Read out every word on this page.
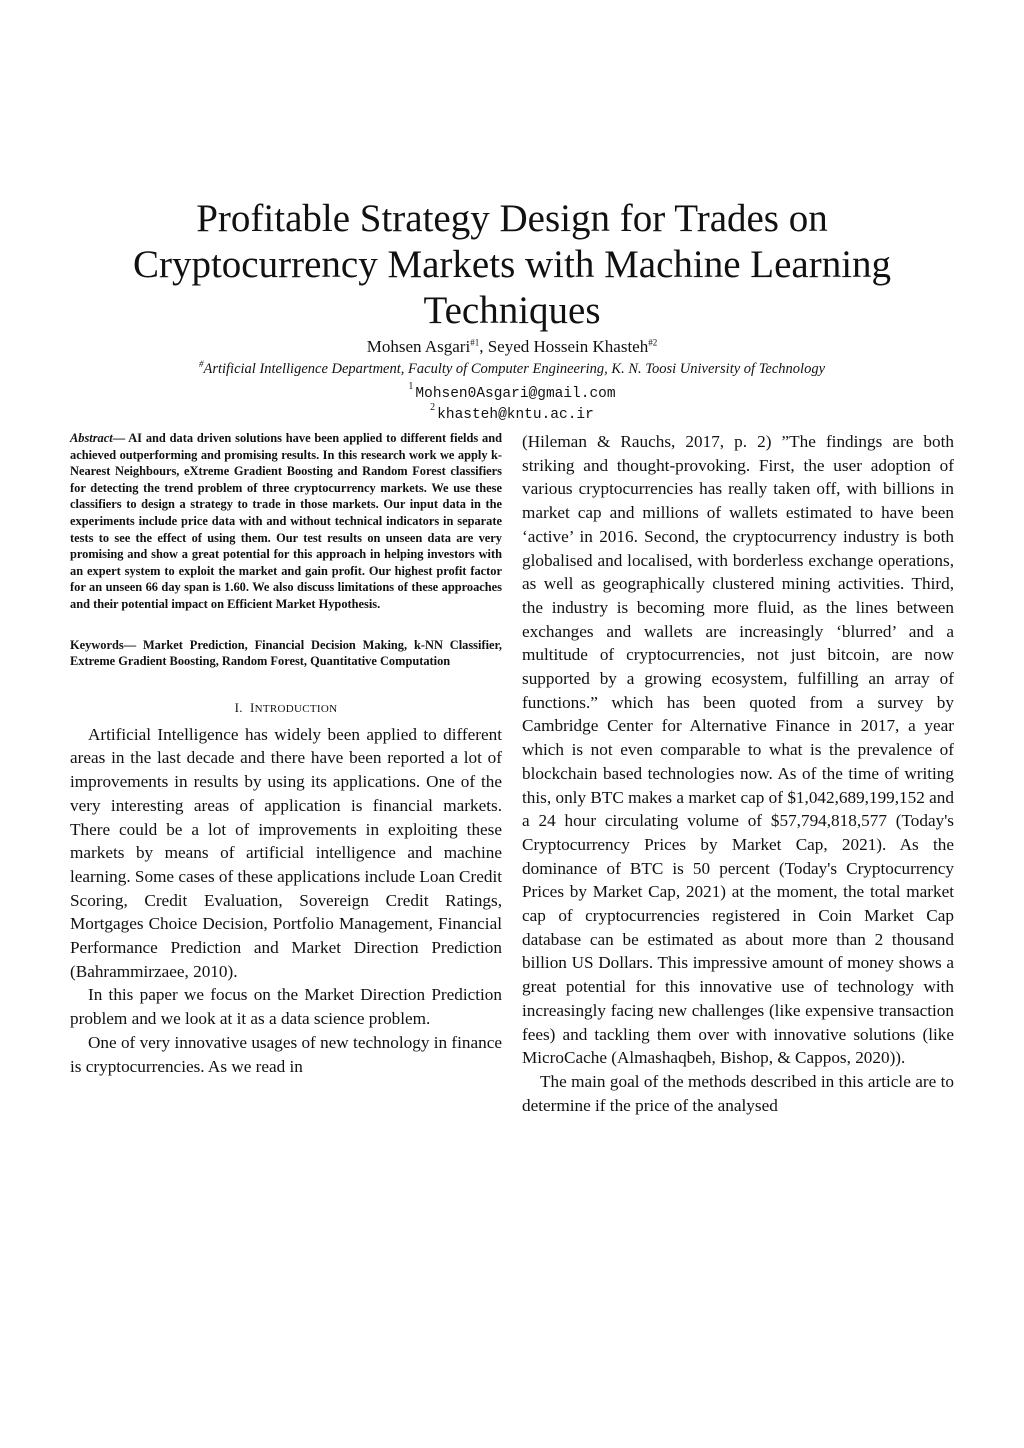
Profitable Strategy Design for Trades on
Cryptocurrency Markets with Machine Learning
Techniques
Mohsen Asgari$^{\#1}$, Seyed Hossein Khasteh$^{\#2}$
#Artificial Intelligence Department, Faculty of Computer Engineering, K. N. Toosi University of Technology
$^1$ Mohsen0Asgari@gmail.com
$^2$ khasteh@kntu.ac.ir

Abstract— AI and data driven solutions have been applied to different fields and achieved outperforming and promising results. In this research work we apply k-Nearest Neighbours, eXtreme Gradient Boosting and Random Forest classifiers for detecting the trend problem of three cryptocurrency markets. We use these classifiers to design a strategy to trade in those markets. Our input data in the experiments include price data with and without technical indicators in separate tests to see the effect of using them. Our test results on unseen data are very promising and show a great potential for this approach in helping investors with an expert system to exploit the market and gain profit. Our highest profit factor for an unseen 66 day span is 1.60. We also discuss limitations of these approaches and their potential impact on Efficient Market Hypothesis.

Keywords— Market Prediction, Financial Decision Making, k-NN Classifier, Extreme Gradient Boosting, Random Forest, Quantitative Computation

I. INTRODUCTION

Artificial Intelligence has widely been applied to different areas in the last decade and there have been reported a lot of improvements in results by using its applications. One of the very interesting areas of application is financial markets. There could be a lot of improvements in exploiting these markets by means of artificial intelligence and machine learning. Some cases of these applications include Loan Credit Scoring, Credit Evaluation, Sovereign Credit Ratings, Mortgages Choice Decision, Portfolio Management, Financial Performance Prediction and Market Direction Prediction (Bahrammirzaee, 2010).

In this paper we focus on the Market Direction Prediction problem and we look at it as a data science problem.

One of very innovative usages of new technology in finance is cryptocurrencies. As we read in

(Hileman & Rauchs, 2017, p. 2) ”The findings are both striking and thought-provoking. First, the user adoption of various cryptocurrencies has really taken off, with billions in market cap and millions of wallets estimated to have been ‘active’ in 2016. Second, the cryptocurrency industry is both globalised and localised, with borderless exchange operations, as well as geographically clustered mining activities. Third, the industry is becoming more fluid, as the lines between exchanges and wallets are increasingly ‘blurred’ and a multitude of cryptocurrencies, not just bitcoin, are now supported by a growing ecosystem, fulfilling an array of functions.” which has been quoted from a survey by Cambridge Center for Alternative Finance in 2017, a year which is not even comparable to what is the prevalence of blockchain based technologies now. As of the time of writing this, only BTC makes a market cap of $1,042,689,199,152 and a 24 hour circulating volume of $57,794,818,577 (Today's Cryptocurrency Prices by Market Cap, 2021). As the dominance of BTC is 50 percent (Today's Cryptocurrency Prices by Market Cap, 2021) at the moment, the total market cap of cryptocurrencies registered in Coin Market Cap database can be estimated as about more than 2 thousand billion US Dollars. This impressive amount of money shows a great potential for this innovative use of technology with increasingly facing new challenges (like expensive transaction fees) and tackling them over with innovative solutions (like MicroCache (Almashaqbeh, Bishop, & Cappos, 2020)).

The main goal of the methods described in this article are to determine if the price of the analysed
